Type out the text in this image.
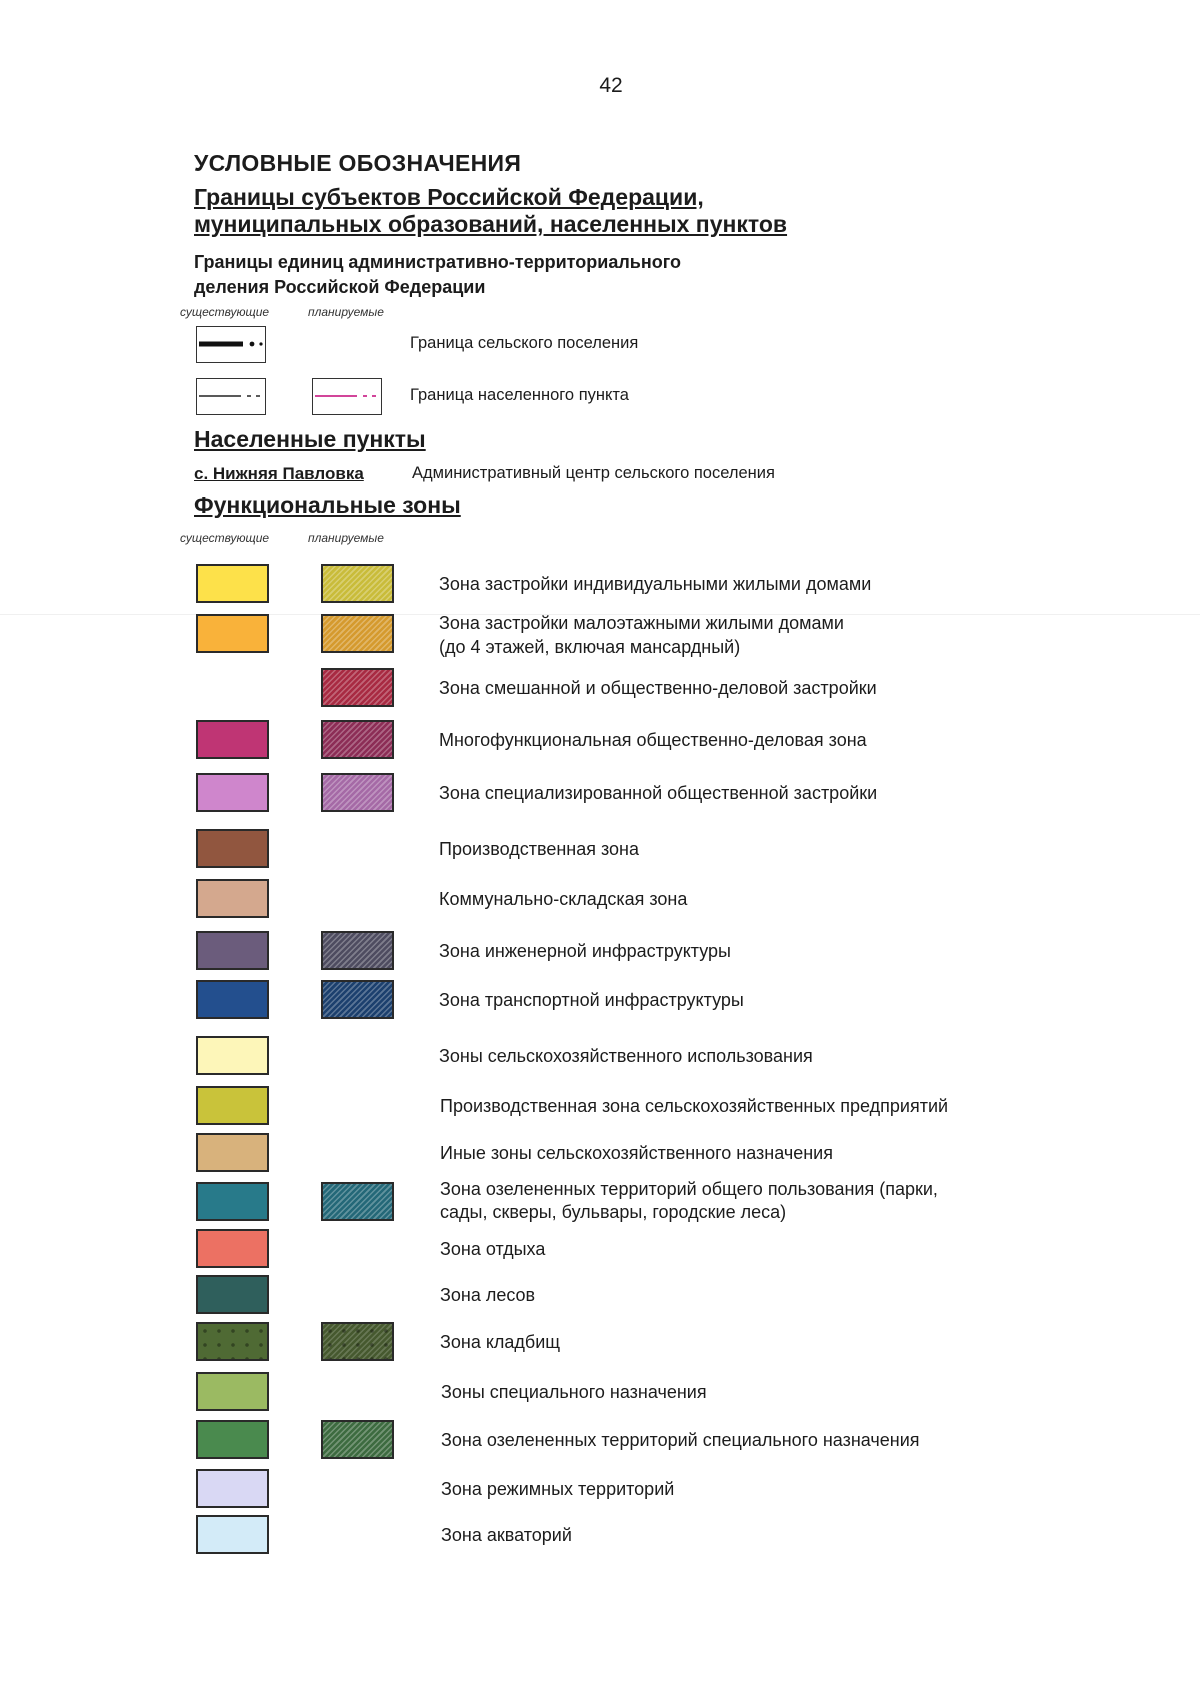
42
УСЛОВНЫЕ ОБОЗНАЧЕНИЯ
Границы субъектов Российской Федерации,
муниципальных образований, населенных пунктов
Границы единиц административно-территориального
деления Российской Федерации
существующие	планируемые
Граница сельского поселения
Граница населенного пункта
Населенные пункты
с. Нижняя Павловка	Административный центр сельского поселения
Функциональные зоны
существующие	планируемые
Зона застройки индивидуальными жилыми домами
Зона застройки малоэтажными жилыми домами
(до 4 этажей, включая мансардный)
Зона смешанной и общественно-деловой застройки
Многофункциональная общественно-деловая зона
Зона специализированной общественной застройки
Производственная зона
Коммунально-складская зона
Зона инженерной инфраструктуры
Зона транспортной инфраструктуры
Зоны сельскохозяйственного использования
Производственная зона сельскохозяйственных предприятий
Иные зоны сельскохозяйственного назначения
Зона озелененных территорий общего пользования (парки,
сады, скверы, бульвары, городские леса)
Зона отдыха
Зона лесов
Зона кладбищ
Зоны специального назначения
Зона озелененных территорий специального назначения
Зона режимных территорий
Зона акваторий
